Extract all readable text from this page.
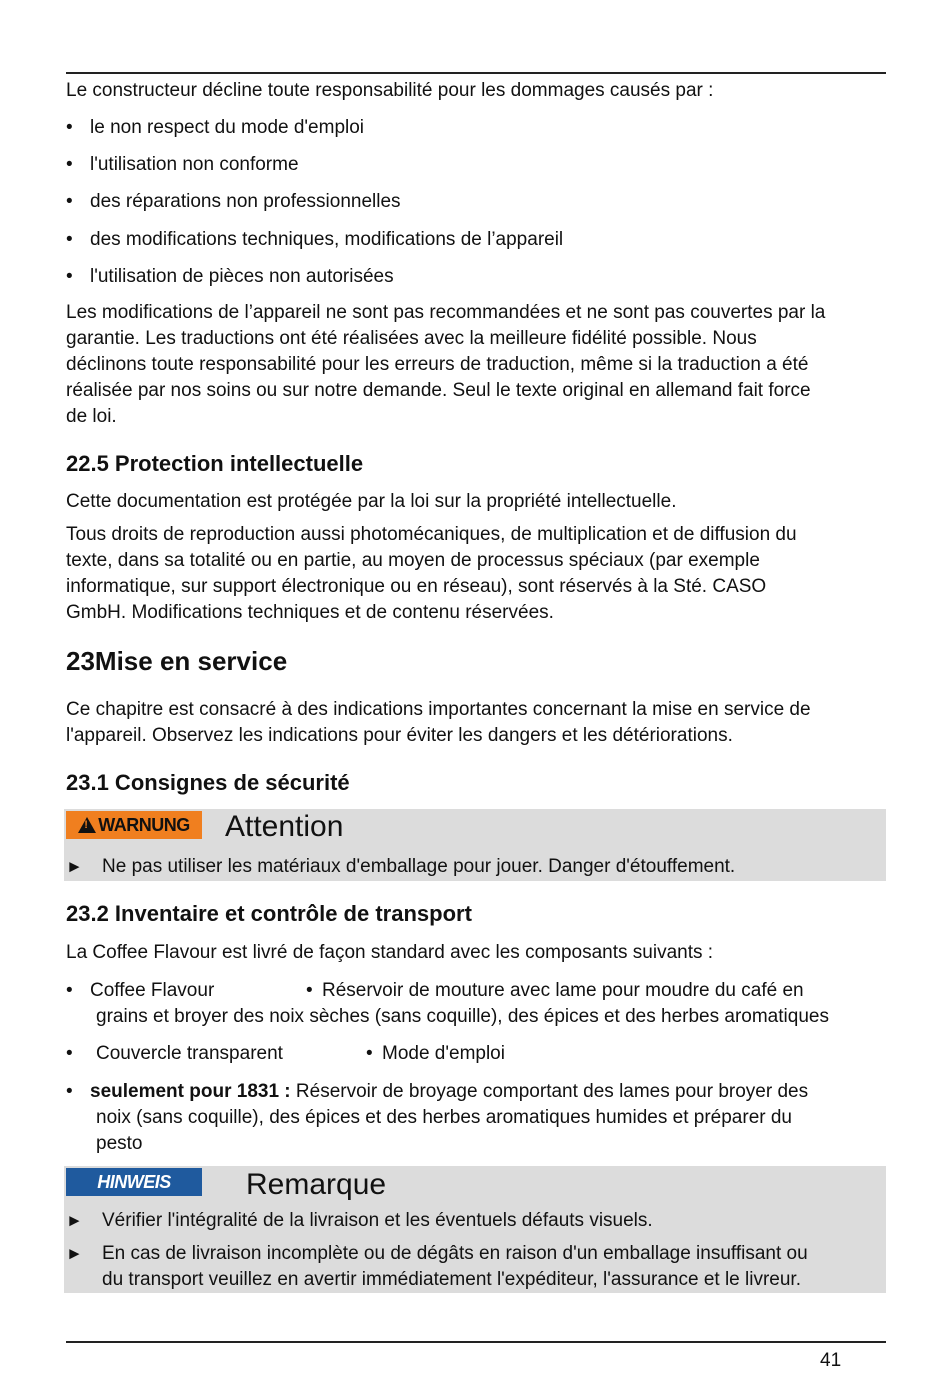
Le constructeur décline toute responsabilité pour les dommages causés par :

• le non respect du mode d'emploi
• l'utilisation non conforme
• des réparations non professionnelles
• des modifications techniques, modifications de l’appareil
• l'utilisation de pièces non autorisées
Les modifications de l’appareil ne sont pas recommandées et ne sont pas couvertes par la
garantie. Les traductions ont été réalisées avec la meilleure fidélité possible. Nous
déclinons toute responsabilité pour les erreurs de traduction, même si la traduction a été
réalisée par nos soins ou sur notre demande. Seul le texte original en allemand fait force
de loi.
22.5 Protection intellectuelle

Cette documentation est protégée par la loi sur la propriété intellectuelle.

Tous droits de reproduction aussi photomécaniques, de multiplication et de diffusion du
texte, dans sa totalité ou en partie, au moyen de processus spéciaux (par exemple
informatique, sur support électronique ou en réseau), sont réservés à la Sté. CASO
GmbH. Modifications techniques et de contenu réservées.
23Mise en service
Ce chapitre est consacré à des indications importantes concernant la mise en service de
l'appareil. Observez les indications pour éviter les dangers et les détériorations.
23.1 Consignes de sécurité
!WARNUNG	Attention
► Ne pas utiliser les matériaux d'emballage pour jouer. Danger d'étouffement.
23.2 Inventaire et contrôle de transport

La Coffee Flavour est livré de façon standard avec les composants suivants :

• Coffee Flavour	• Réservoir de mouture avec lame pour moudre du café en
grains et broyer des noix sèches (sans coquille), des épices et des herbes aromatiques
•	Couvercle transparent	• Mode d'emploi
• seulement pour 1831 : Réservoir de broyage comportant des lames pour broyer des
noix (sans coquille), des épices et des herbes aromatiques humides et préparer du
pesto
HINWEIS	Remarque
► Vérifier l'intégralité de la livraison et les éventuels défauts visuels.
► En cas de livraison incomplète ou de dégâts en raison d'un emballage insuffisant ou
du transport veuillez en avertir immédiatement l'expéditeur, l'assurance et le livreur.
41
